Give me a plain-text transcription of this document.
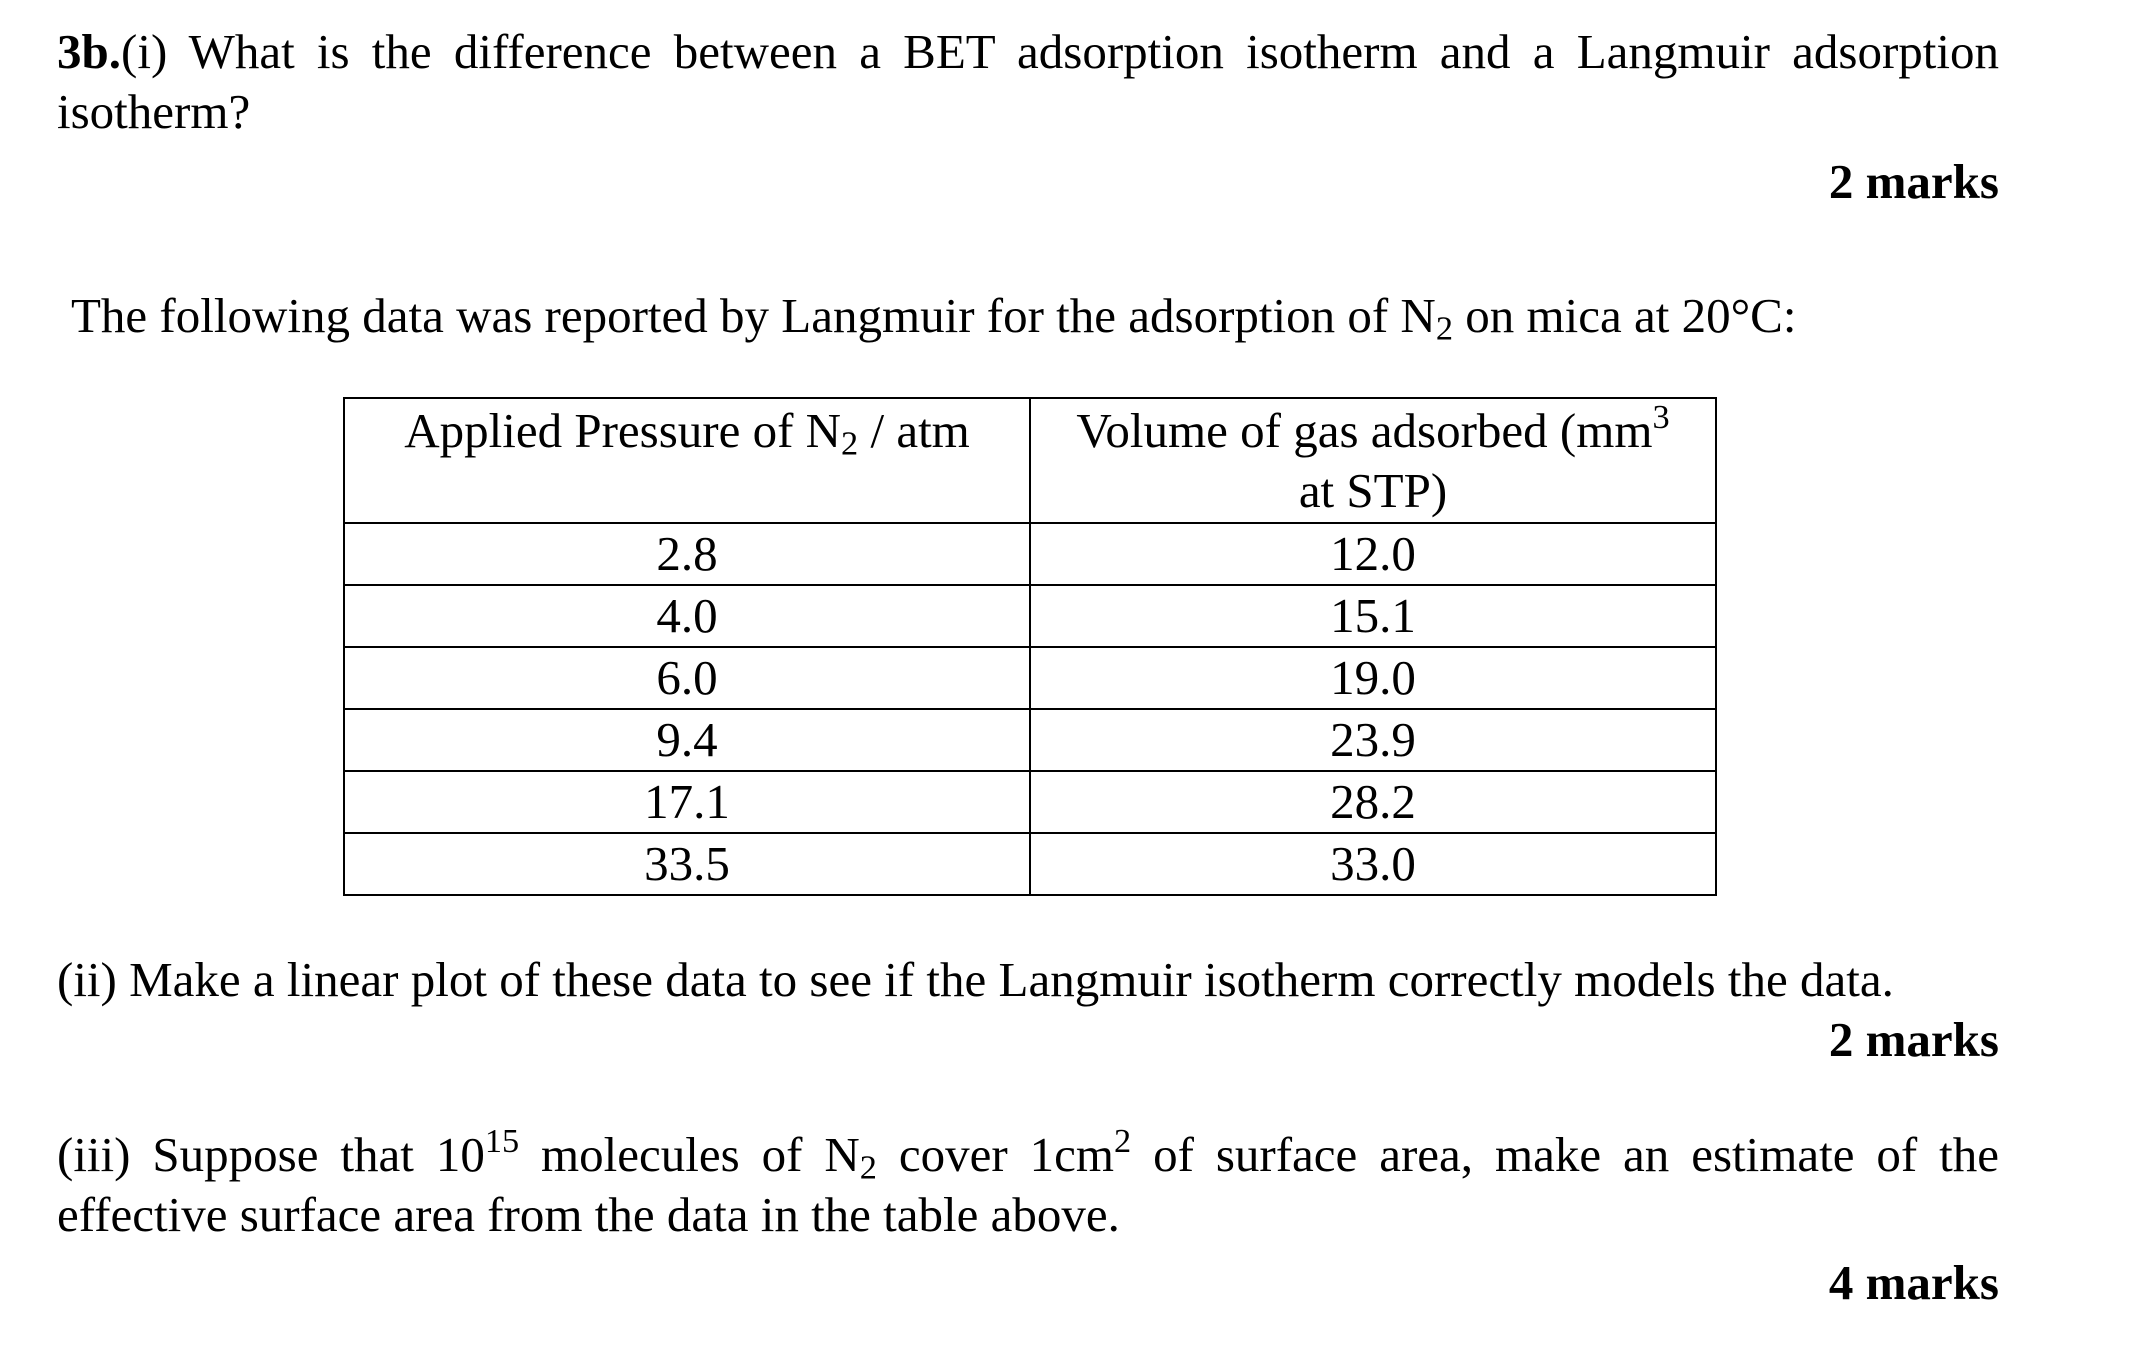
3b.(i) What is the difference between a BET adsorption isotherm and a Langmuir adsorption isotherm?

2 marks

The following data was reported by Langmuir for the adsorption of $N_2$ on mica at 20°C:

Applied Pressure of $N_2$ / atm	Volume of gas adsorbed ($mm^3$
at STP)
2.8	12.0
4.0	15.1
6.0	19.0
9.4	23.9
17.1	28.2
33.5	33.0

(ii) Make a linear plot of these data to see if the Langmuir isotherm correctly models the data.

2 marks

(iii) Suppose that $10^{15}$ molecules of $N_2$ cover $1cm^2$ of surface area, make an estimate of the effective surface area from the data in the table above.

4 marks
